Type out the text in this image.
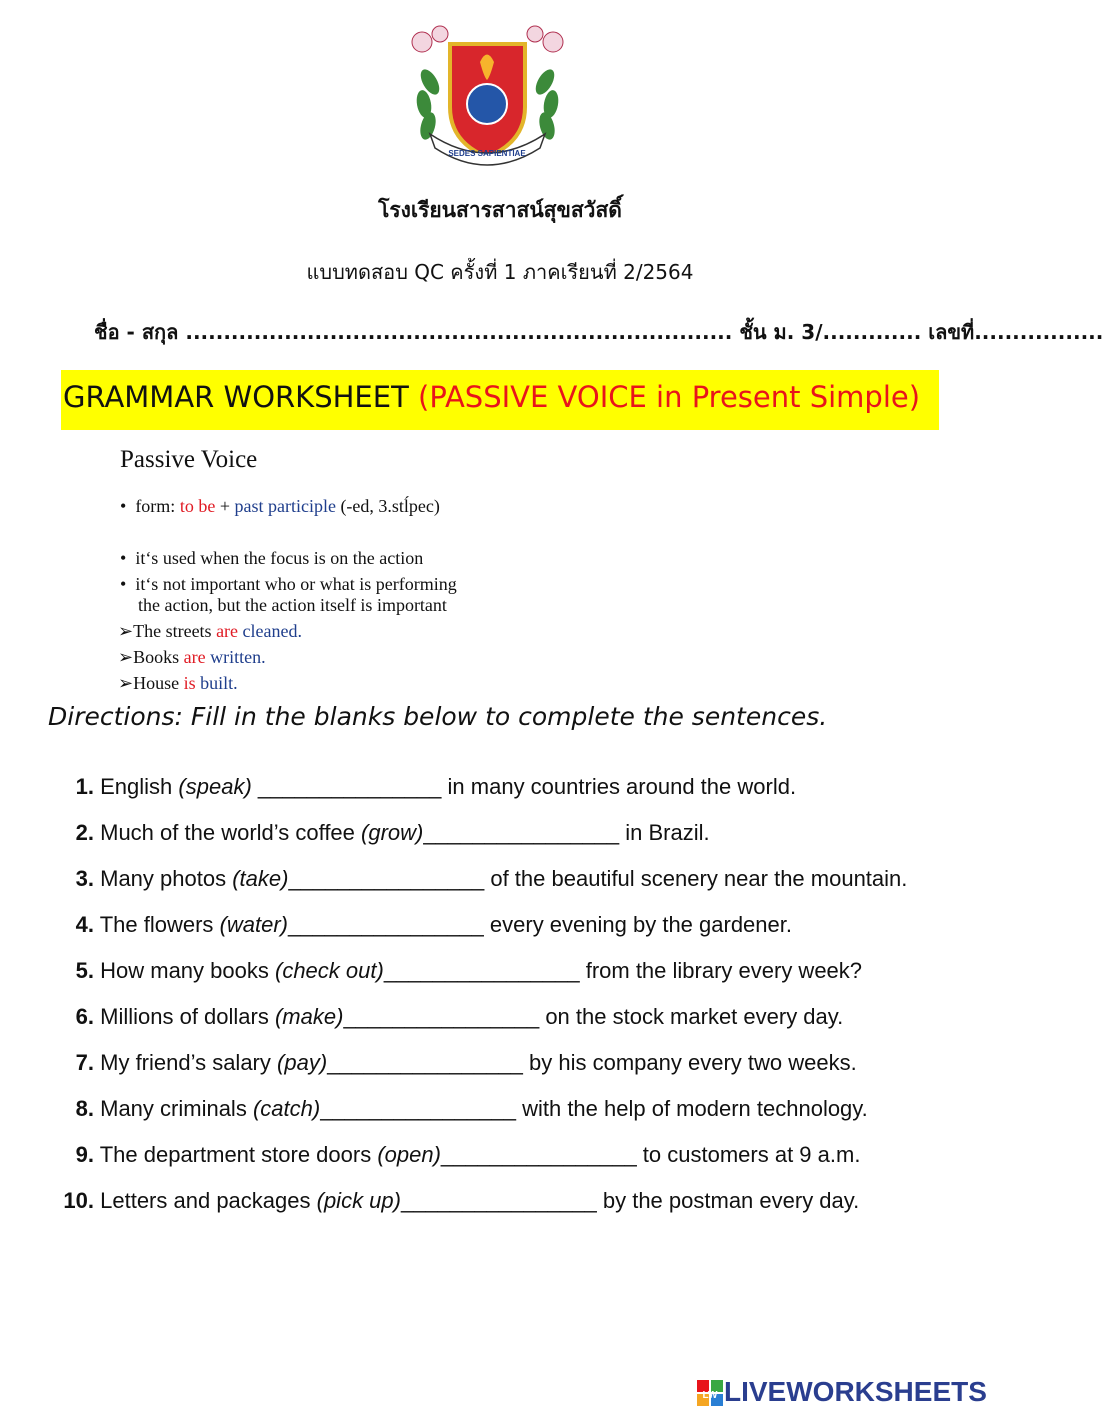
SEDES SAPIENTIAE
โรงเรียนสารสาสน์สุขสวัสดิ์
แบบทดสอบ QC ครั้งที่ 1 ภาคเรียนที่ 2/2564
ชื่อ - สกุล ........................................................................ ชั้น ม. 3/............. เลขที่.................
GRAMMAR WORKSHEET (PASSIVE VOICE in Present Simple)
Passive Voice
•  form: to be + past participle (-ed, 3.stĺpec)
•  it‘s used when the focus is on the action
•  it‘s not important who or what is performing
the action, but the action itself is important
➢The streets are cleaned.
➢Books are written.
➢House is built.
Directions: Fill in the blanks below to complete the sentences.
1. English (speak) _______________ in many countries around the world.
2. Much of the world’s coffee (grow)________________ in Brazil.
3. Many photos (take)________________ of the beautiful scenery near the mountain.
4. The flowers (water)________________ every evening by the gardener.
5. How many books (check out)________________ from the library every week?
6. Millions of dollars (make)________________ on the stock market every day.
7. My friend’s salary (pay)________________ by his company every two weeks.
8. Many criminals (catch)________________ with the help of modern technology.
9. The department store doors (open)________________ to customers at 9 a.m.
10. Letters and packages (pick up)________________ by the postman every day.
LW LIVEWORKSHEETS
